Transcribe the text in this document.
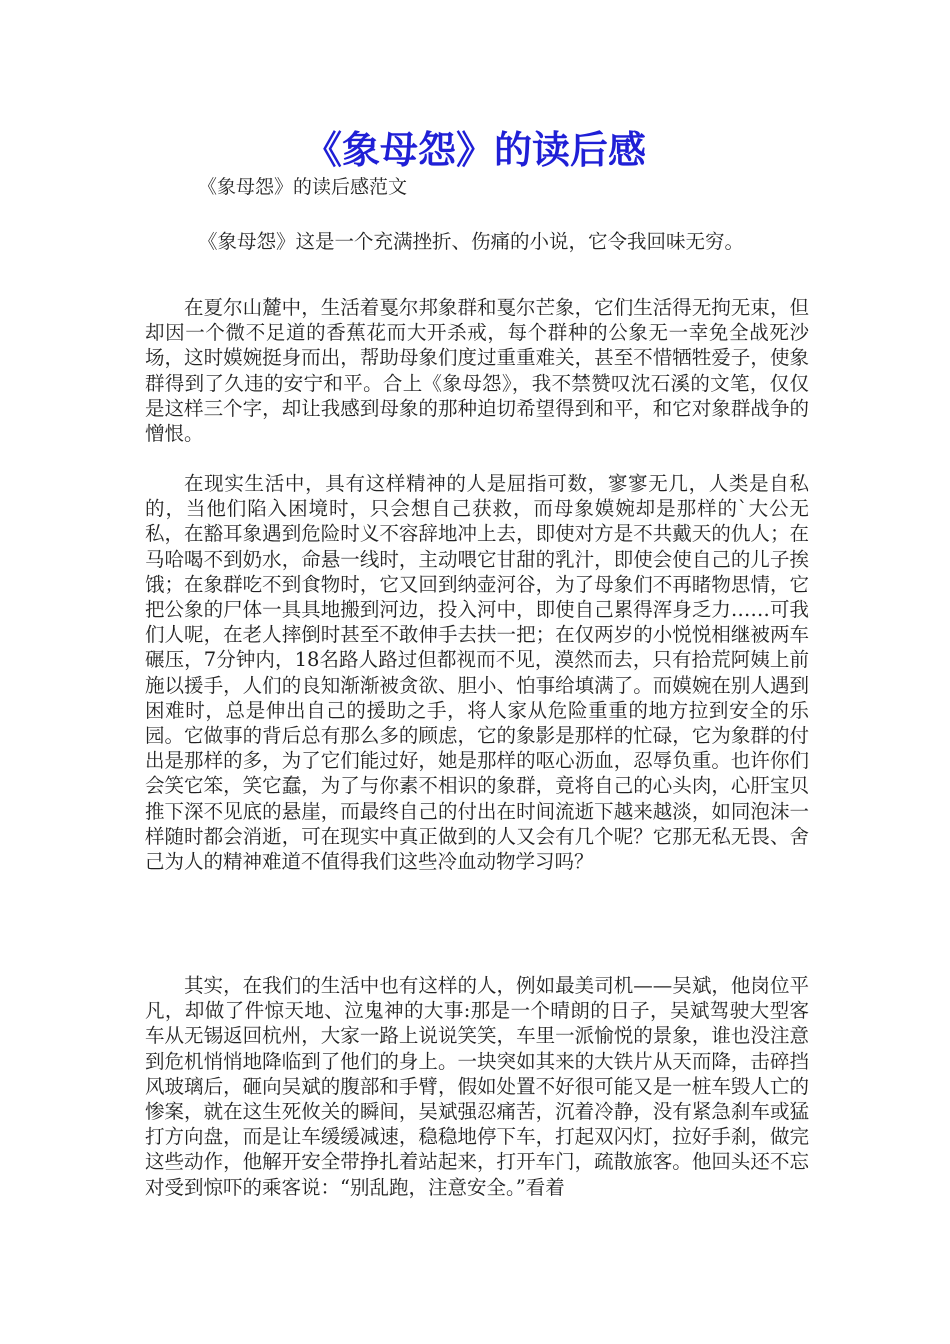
《象母怨》的读后感
《象母怨》的读后感范文
《象母怨》这是一个充满挫折、伤痛的小说，它令我回味无穷。

在夏尔山麓中，生活着戛尔邦象群和戛尔芒象，它们生活得无拘无束，但却因一个微不足道的香蕉花而大开杀戒，每个群种的公象无一幸免全战死沙场，这时嫫婉挺身而出，帮助母象们度过重重难关，甚至不惜牺牲爱子，使象群得到了久违的安宁和平。合上《象母怨》，我不禁赞叹沈石溪的文笔，仅仅是这样三个字，却让我感到母象的那种迫切希望得到和平，和它对象群战争的憎恨。

在现实生活中，具有这样精神的人是屈指可数，寥寥无几，人类是自私的，当他们陷入困境时，只会想自己获救，而母象嫫婉却是那样的`大公无私，在豁耳象遇到危险时义不容辞地冲上去，即使对方是不共戴天的仇人；在马哈喝不到奶水，命悬一线时，主动喂它甘甜的乳汁，即使会使自己的儿子挨饿；在象群吃不到食物时，它又回到纳壶河谷，为了母象们不再睹物思情，它把公象的尸体一具具地搬到河边，投入河中，即使自己累得浑身乏力……可我们人呢，在老人摔倒时甚至不敢伸手去扶一把；在仅两岁的小悦悦相继被两车碾压，7分钟内，18名路人路过但都视而不见，漠然而去，只有拾荒阿姨上前施以援手，人们的良知渐渐被贪欲、胆小、怕事给填满了。而嫫婉在别人遇到困难时，总是伸出自己的援助之手，将人家从危险重重的地方拉到安全的乐园。它做事的背后总有那么多的顾虑，它的象影是那样的忙碌，它为象群的付出是那样的多，为了它们能过好，她是那样的呕心沥血，忍辱负重。也许你们会笑它笨，笑它蠢，为了与你素不相识的象群，竟将自己的心头肉，心肝宝贝推下深不见底的悬崖，而最终自己的付出在时间流逝下越来越淡，如同泡沫一样随时都会消逝，可在现实中真正做到的人又会有几个呢？它那无私无畏、舍己为人的精神难道不值得我们这些冷血动物学习吗？

其实，在我们的生活中也有这样的人，例如最美司机——吴斌，他岗位平凡，却做了件惊天地、泣鬼神的大事:那是一个晴朗的日子，吴斌驾驶大型客车从无锡返回杭州，大家一路上说说笑笑，车里一派愉悦的景象，谁也没注意到危机悄悄地降临到了他们的身上。一块突如其来的大铁片从天而降，击碎挡风玻璃后，砸向吴斌的腹部和手臂，假如处置不好很可能又是一桩车毁人亡的惨案，就在这生死攸关的瞬间，吴斌强忍痛苦，沉着冷静，没有紧急刹车或猛打方向盘，而是让车缓缓减速，稳稳地停下车，打起双闪灯，拉好手刹，做完这些动作，他解开安全带挣扎着站起来，打开车门，疏散旅客。他回头还不忘对受到惊吓的乘客说：“别乱跑，注意安全。”看着
